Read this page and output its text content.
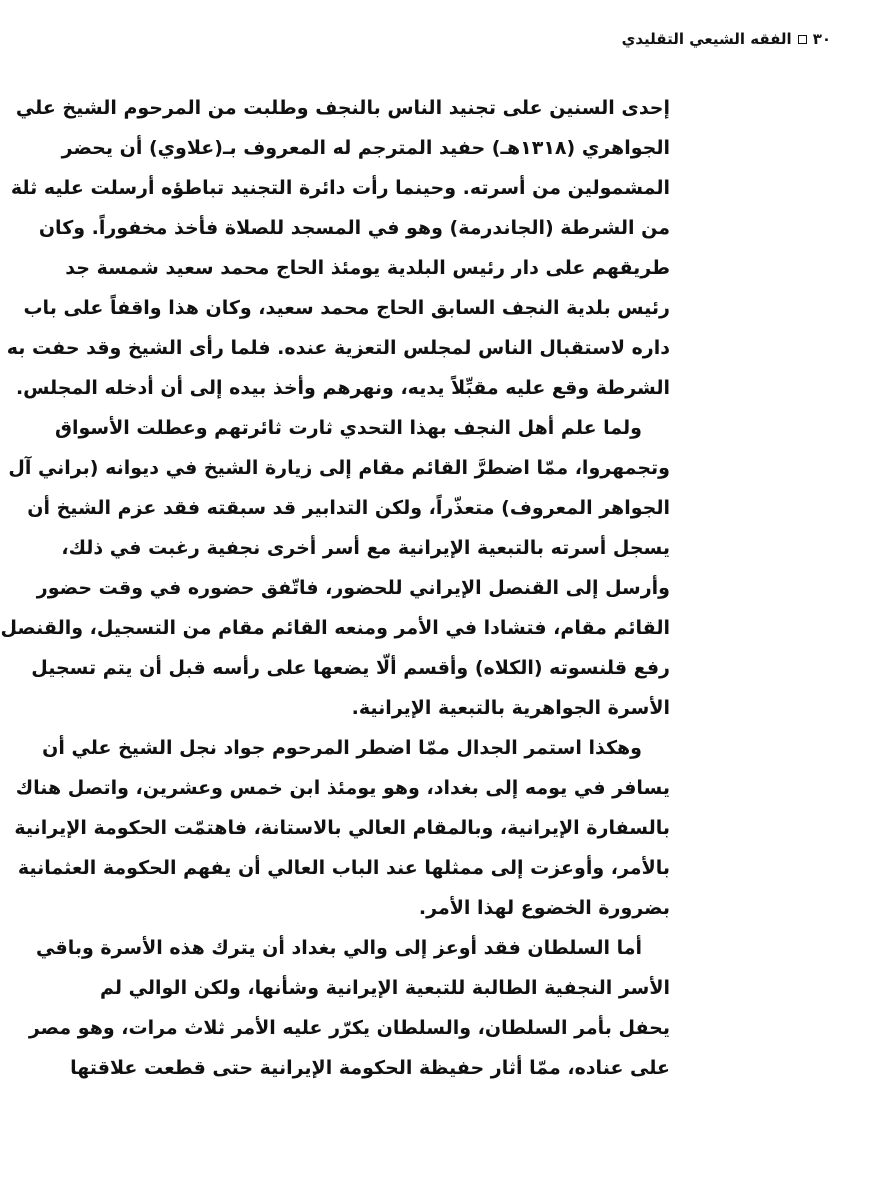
٣٠
الفقه الشيعي التقليدي
إحدى السنين على تجنيد الناس بالنجف وطلبت من المرحوم الشيخ علي
الجواهري (١٣١٨هـ) حفيد المترجم له المعروف بـ(علاوي) أن يحضر
المشمولين من أسرته. وحينما رأت دائرة التجنيد تباطؤه أرسلت عليه ثلة
من الشرطة (الجاندرمة) وهو في المسجد للصلاة فأخذ مخفوراً. وكان
طريقهم على دار رئيس البلدية يومئذ الحاج محمد سعيد شمسة جد
رئيس بلدية النجف السابق الحاج محمد سعيد، وكان هذا واقفاً على باب
داره لاستقبال الناس لمجلس التعزية عنده. فلما رأى الشيخ وقد حفت به
الشرطة وقع عليه مقبِّلاً يديه، ونهرهم وأخذ بيده إلى أن أدخله المجلس.
ولما علم أهل النجف بهذا التحدي ثارت ثائرتهم وعطلت الأسواق
وتجمهروا، ممّا اضطرَّ القائم مقام إلى زيارة الشيخ في ديوانه (براني آل
الجواهر المعروف) متعذّراً، ولكن التدابير قد سبقته فقد عزم الشيخ أن
يسجل أسرته بالتبعية الإيرانية مع أسر أخرى نجفية رغبت في ذلك،
وأرسل إلى القنصل الإيراني للحضور، فاتّفق حضوره في وقت حضور
القائم مقام، فتشادا في الأمر ومنعه القائم مقام من التسجيل، والقنصل
رفع قلنسوته (الكلاه) وأقسم ألّا يضعها على رأسه قبل أن يتم تسجيل
الأسرة الجواهرية بالتبعية الإيرانية.
وهكذا استمر الجدال ممّا اضطر المرحوم جواد نجل الشيخ علي أن
يسافر في يومه إلى بغداد، وهو يومئذ ابن خمس وعشرين، واتصل هناك
بالسفارة الإيرانية، وبالمقام العالي بالاستانة، فاهتمّت الحكومة الإيرانية
بالأمر، وأوعزت إلى ممثلها عند الباب العالي أن يفهم الحكومة العثمانية
بضرورة الخضوع لهذا الأمر.
أما السلطان فقد أوعز إلى والي بغداد أن يترك هذه الأسرة وباقي
الأسر النجفية الطالبة للتبعية الإيرانية وشأنها، ولكن الوالي لم
يحفل بأمر السلطان، والسلطان يكرّر عليه الأمر ثلاث مرات، وهو مصر
على عناده، ممّا أثار حفيظة الحكومة الإيرانية حتى قطعت علاقتها
